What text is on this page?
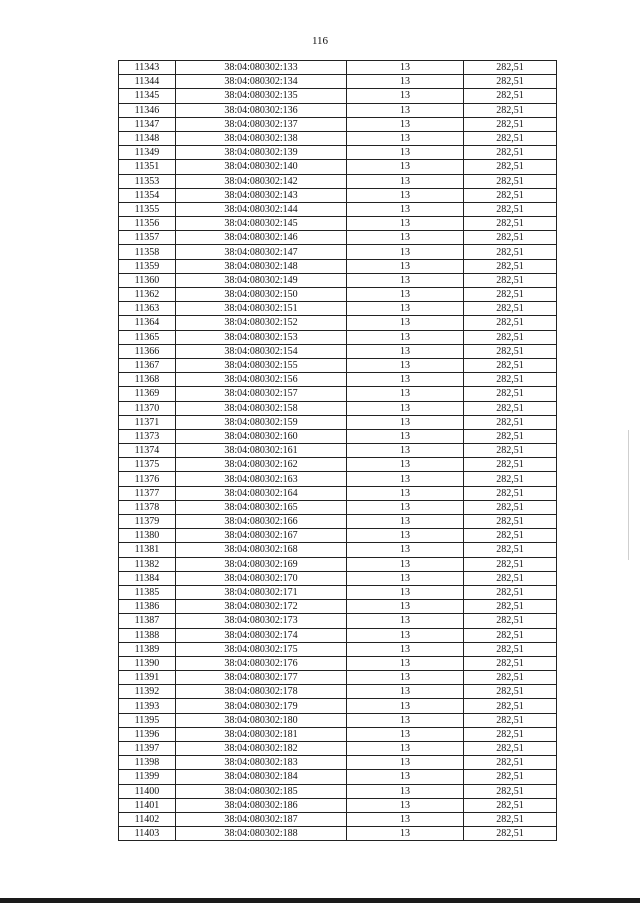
116
11343	38:04:080302:133	13	282,51
11344	38:04:080302:134	13	282,51
11345	38:04:080302:135	13	282,51
11346	38:04:080302:136	13	282,51
11347	38:04:080302:137	13	282,51
11348	38:04:080302:138	13	282,51
11349	38:04:080302:139	13	282,51
11351	38:04:080302:140	13	282,51
11353	38:04:080302:142	13	282,51
11354	38:04:080302:143	13	282,51
11355	38:04:080302:144	13	282,51
11356	38:04:080302:145	13	282,51
11357	38:04:080302:146	13	282,51
11358	38:04:080302:147	13	282,51
11359	38:04:080302:148	13	282,51
11360	38:04:080302:149	13	282,51
11362	38:04:080302:150	13	282,51
11363	38:04:080302:151	13	282,51
11364	38:04:080302:152	13	282,51
11365	38:04:080302:153	13	282,51
11366	38:04:080302:154	13	282,51
11367	38:04:080302:155	13	282,51
11368	38:04:080302:156	13	282,51
11369	38:04:080302:157	13	282,51
11370	38:04:080302:158	13	282,51
11371	38:04:080302:159	13	282,51
11373	38:04:080302:160	13	282,51
11374	38:04:080302:161	13	282,51
11375	38:04:080302:162	13	282,51
11376	38:04:080302:163	13	282,51
11377	38:04:080302:164	13	282,51
11378	38:04:080302:165	13	282,51
11379	38:04:080302:166	13	282,51
11380	38:04:080302:167	13	282,51
11381	38:04:080302:168	13	282,51
11382	38:04:080302:169	13	282,51
11384	38:04:080302:170	13	282,51
11385	38:04:080302:171	13	282,51
11386	38:04:080302:172	13	282,51
11387	38:04:080302:173	13	282,51
11388	38:04:080302:174	13	282,51
11389	38:04:080302:175	13	282,51
11390	38:04:080302:176	13	282,51
11391	38:04:080302:177	13	282,51
11392	38:04:080302:178	13	282,51
11393	38:04:080302:179	13	282,51
11395	38:04:080302:180	13	282,51
11396	38:04:080302:181	13	282,51
11397	38:04:080302:182	13	282,51
11398	38:04:080302:183	13	282,51
11399	38:04:080302:184	13	282,51
11400	38:04:080302:185	13	282,51
11401	38:04:080302:186	13	282,51
11402	38:04:080302:187	13	282,51
11403	38:04:080302:188	13	282,51
